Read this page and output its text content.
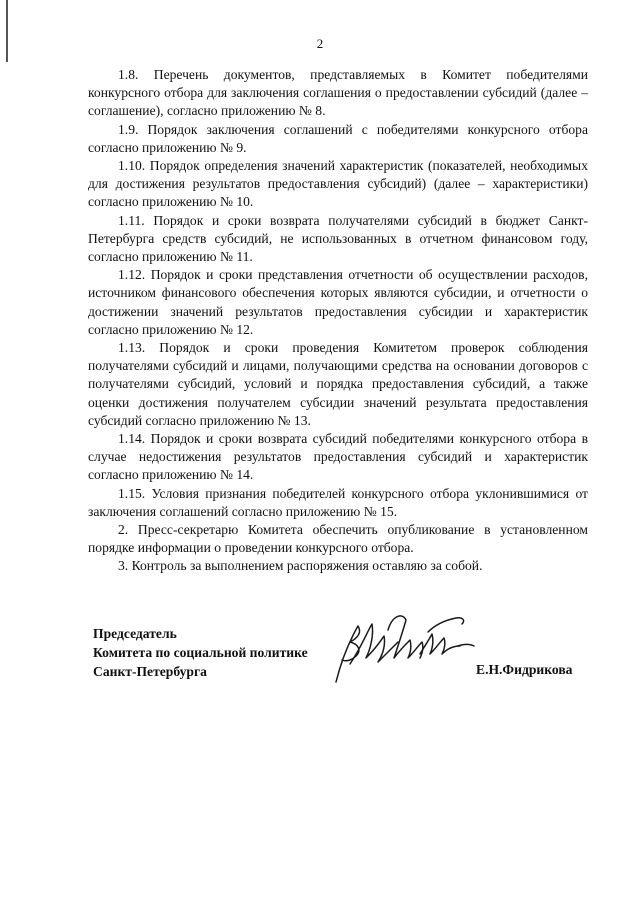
2

1.8. Перечень документов, представляемых в Комитет победителями конкурсного отбора для заключения соглашения о предоставлении субсидий (далее – соглашение), согласно приложению № 8.

1.9. Порядок заключения соглашений с победителями конкурсного отбора согласно приложению № 9.

1.10. Порядок определения значений характеристик (показателей, необходимых для достижения результатов предоставления субсидий) (далее – характеристики) согласно приложению № 10.

1.11. Порядок и сроки возврата получателями субсидий в бюджет Санкт-Петербурга средств субсидий, не использованных в отчетном финансовом году, согласно приложению № 11.

1.12. Порядок и сроки представления отчетности об осуществлении расходов, источником финансового обеспечения которых являются субсидии, и отчетности о достижении значений результатов предоставления субсидии и характеристик согласно приложению № 12.

1.13. Порядок и сроки проведения Комитетом проверок соблюдения получателями субсидий и лицами, получающими средства на основании договоров с получателями субсидий, условий и порядка предоставления субсидий, а также оценки достижения получателем субсидии значений результата предоставления субсидий согласно приложению № 13.

1.14. Порядок и сроки возврата субсидий победителями конкурсного отбора в случае недостижения результатов предоставления субсидий и характеристик согласно приложению № 14.

1.15. Условия признания победителей конкурсного отбора уклонившимися от заключения соглашений согласно приложению № 15.

2. Пресс-секретарю Комитета обеспечить опубликование в установленном порядке информации о проведении конкурсного отбора.

3. Контроль за выполнением распоряжения оставляю за собой.

Председатель
Комитета по социальной политике
Санкт-Петербурга	Е.Н.Фидрикова
